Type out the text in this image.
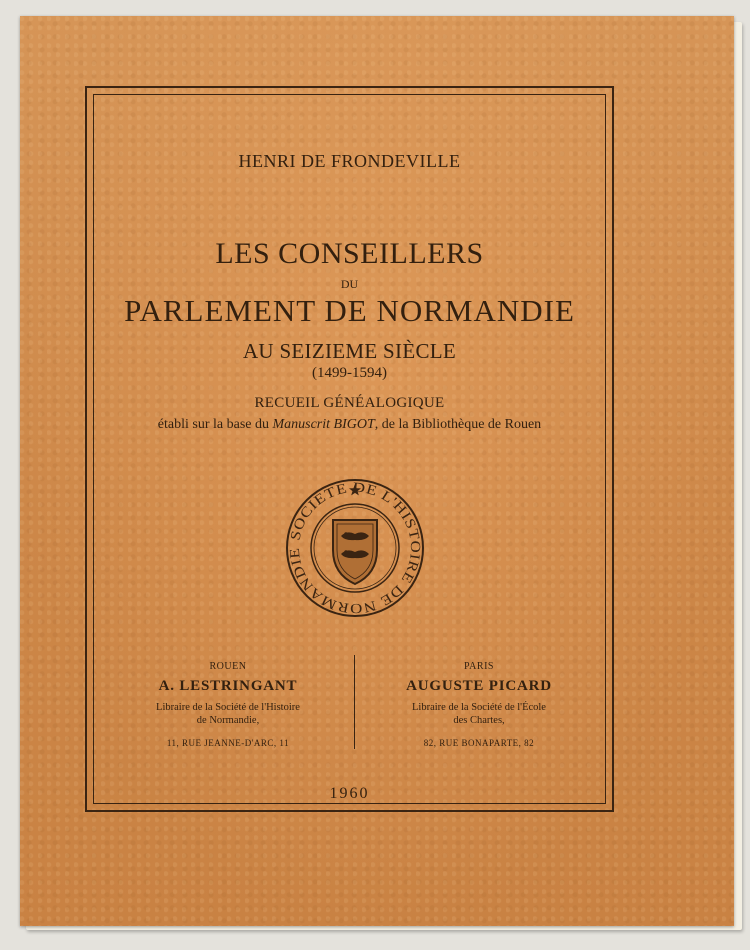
HENRI DE FRONDEVILLE
LES CONSEILLERS
DU
PARLEMENT DE NORMANDIE
AU SEIZIEME SIÈCLE
(1499-1594)
RECUEIL GÉNÉALOGIQUE
établi sur la base du Manuscrit BIGOT, de la Bibliothèque de Rouen
SOCIETE E L'HISTOIRE DE NORMANDIE
ROUEN
A. LESTRINGANT
Libraire de la Société de l'Histoire
de Normandie,
11, RUE JEANNE-D'ARC, 11
PARIS
AUGUSTE PICARD
Libraire de la Société de l'École
des Chartes,
82, RUE BONAPARTE, 82
1960
